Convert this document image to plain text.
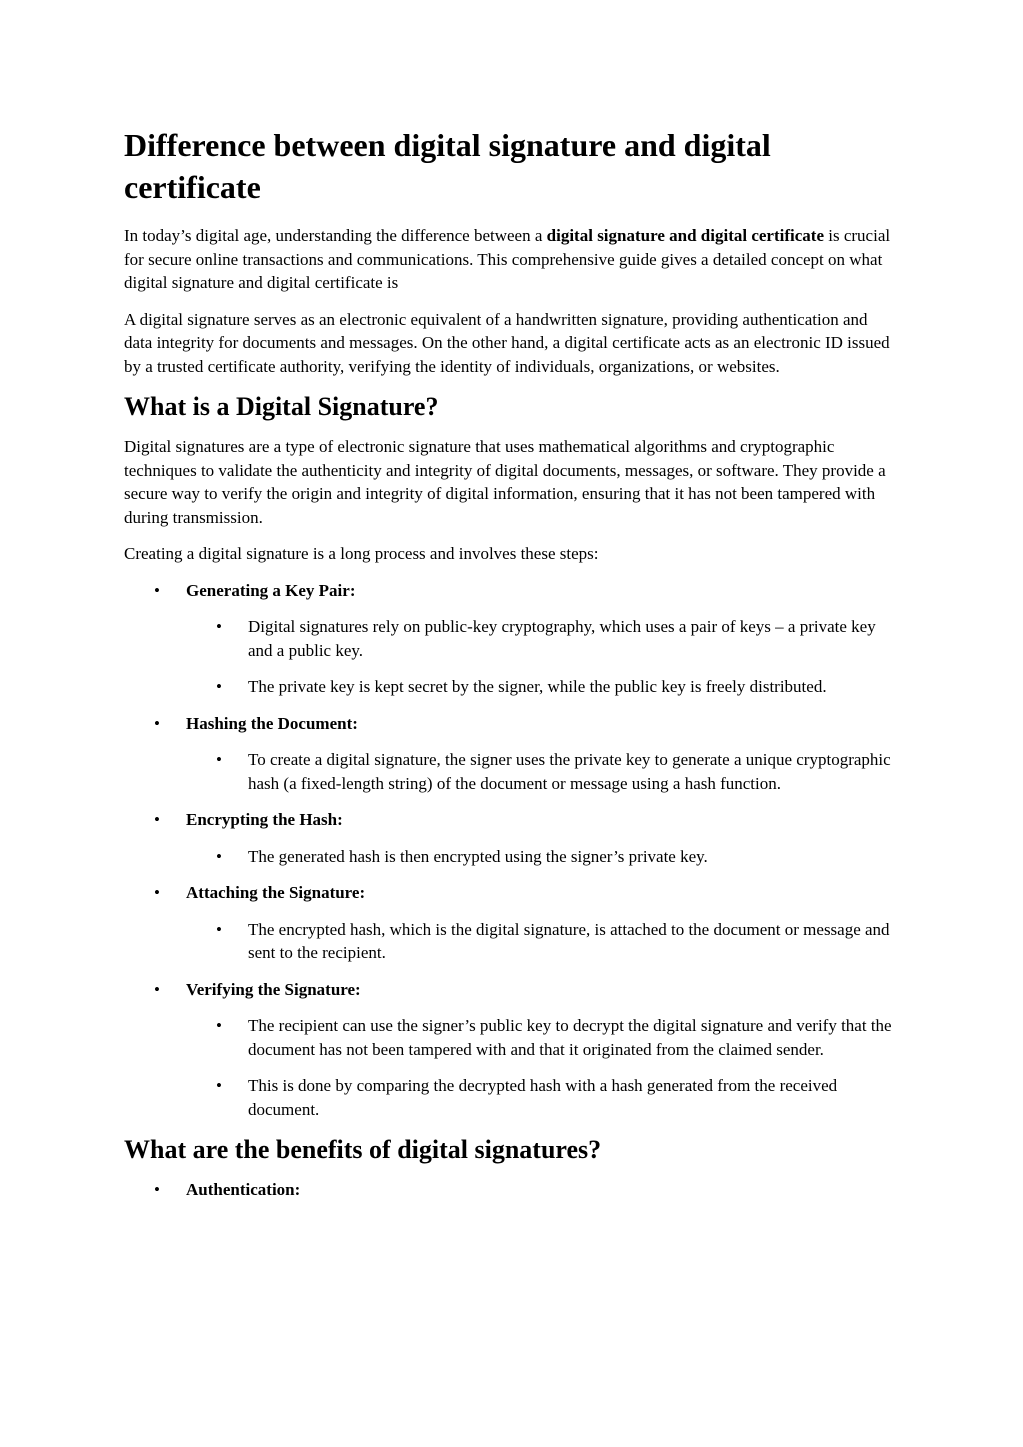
Difference between digital signature and digital certificate

In today’s digital age, understanding the difference between a digital signature and digital certificate is crucial for secure online transactions and communications. This comprehensive guide gives a detailed concept on what digital signature and digital certificate is

A digital signature serves as an electronic equivalent of a handwritten signature, providing authentication and data integrity for documents and messages. On the other hand, a digital certificate acts as an electronic ID issued by a trusted certificate authority, verifying the identity of individuals, organizations, or websites.

What is a Digital Signature?

Digital signatures are a type of electronic signature that uses mathematical algorithms and cryptographic techniques to validate the authenticity and integrity of digital documents, messages, or software. They provide a secure way to verify the origin and integrity of digital information, ensuring that it has not been tampered with during transmission.

Creating a digital signature is a long process and involves these steps:

• Generating a Key Pair:
• Digital signatures rely on public-key cryptography, which uses a pair of keys – a private key and a public key.
• The private key is kept secret by the signer, while the public key is freely distributed.
• Hashing the Document:
• To create a digital signature, the signer uses the private key to generate a unique cryptographic hash (a fixed-length string) of the document or message using a hash function.
• Encrypting the Hash:
• The generated hash is then encrypted using the signer’s private key.
• Attaching the Signature:
• The encrypted hash, which is the digital signature, is attached to the document or message and sent to the recipient.
• Verifying the Signature:
• The recipient can use the signer’s public key to decrypt the digital signature and verify that the document has not been tampered with and that it originated from the claimed sender.
• This is done by comparing the decrypted hash with a hash generated from the received document.
What are the benefits of digital signatures?
• Authentication:
